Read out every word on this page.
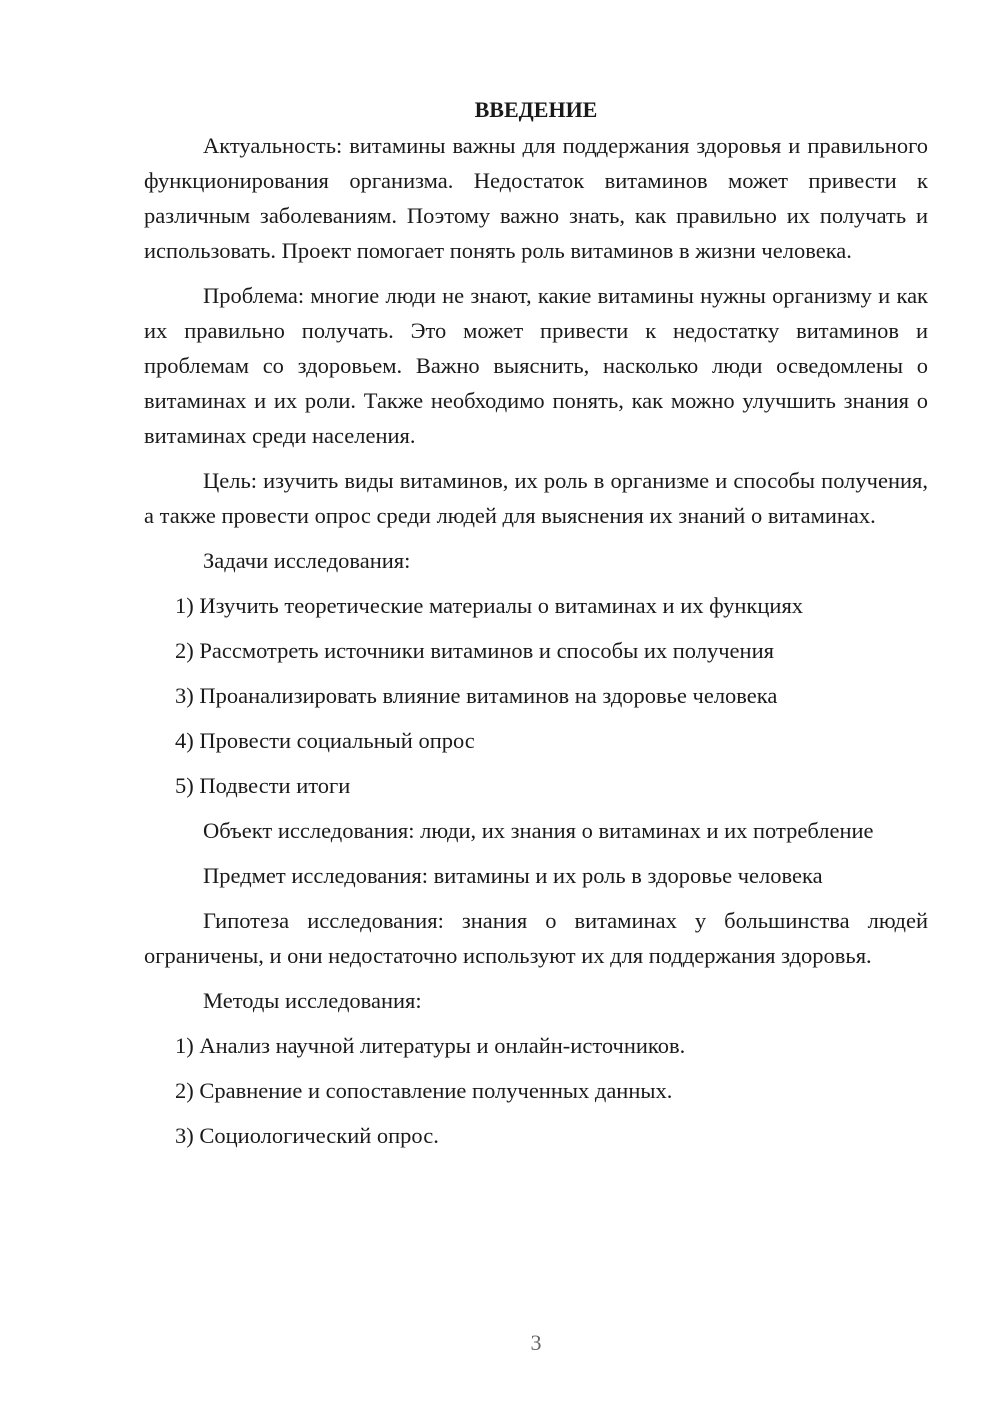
ВВЕДЕНИЕ

Актуальность: витамины важны для поддержания здоровья и правильного функционирования организма. Недостаток витаминов может привести к различным заболеваниям. Поэтому важно знать, как правильно их получать и использовать. Проект помогает понять роль витаминов в жизни человека.

Проблема: многие люди не знают, какие витамины нужны организму и как их правильно получать. Это может привести к недостатку витаминов и проблемам со здоровьем. Важно выяснить, насколько люди осведомлены о витаминах и их роли. Также необходимо понять, как можно улучшить знания о витаминах среди населения.

Цель: изучить виды витаминов, их роль в организме и способы получения, а также провести опрос среди людей для выяснения их знаний о витаминах.

Задачи исследования:

1) Изучить теоретические материалы о витаминах и их функциях

2) Рассмотреть источники витаминов и способы их получения

3) Проанализировать влияние витаминов на здоровье человека

4) Провести социальный опрос

5) Подвести итоги

Объект исследования: люди, их знания о витаминах и их потребление

Предмет исследования: витамины и их роль в здоровье человека

Гипотеза исследования: знания о витаминах у большинства людей ограничены, и они недостаточно используют их для поддержания здоровья.

Методы исследования:

1) Анализ научной литературы и онлайн-источников.

2) Сравнение и сопоставление полученных данных.

3) Социологический опрос.

3
